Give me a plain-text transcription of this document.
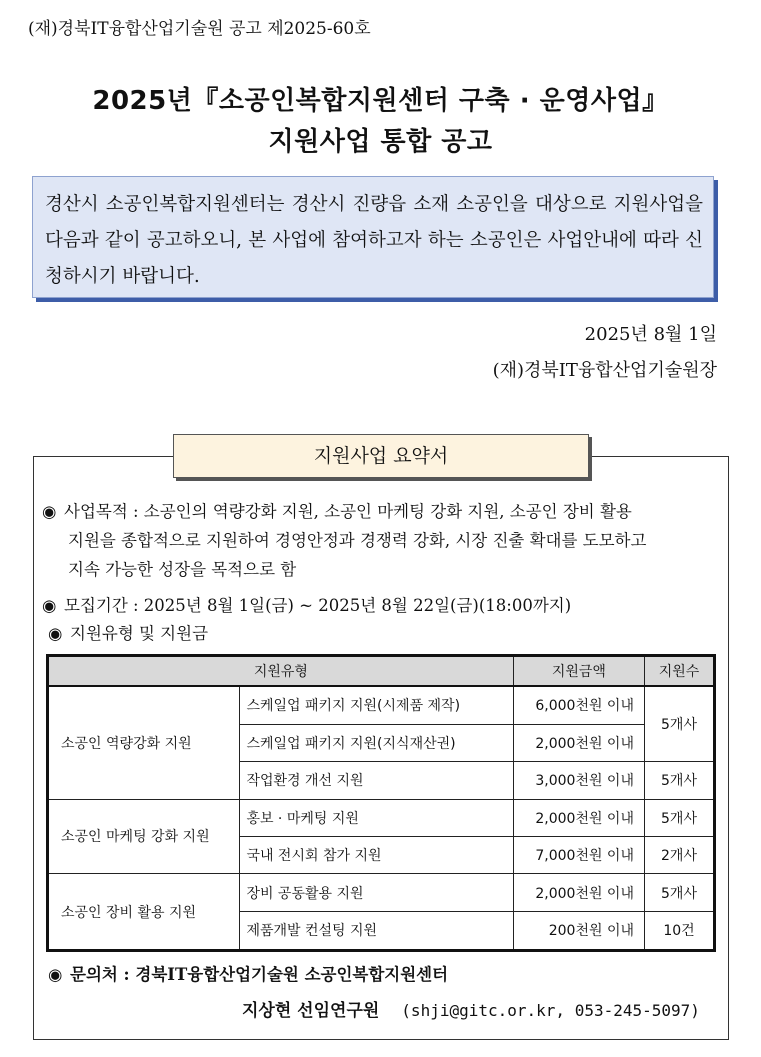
(재)경북IT융합산업기술원 공고 제2025-60호
2025년『소공인복합지원센터 구축 · 운영사업』
지원사업 통합 공고
경산시 소공인복합지원센터는 경산시 진량읍 소재 소공인을 대상으로 지원사업을 다음과 같이 공고하오니, 본 사업에 참여하고자 하는 소공인은 사업안내에 따라 신청하시기 바랍니다.
2025년 8월 1일
(재)경북IT융합산업기술원장
지원사업 요약서
◉ 사업목적 : 소공인의 역량강화 지원, 소공인 마케팅 강화 지원, 소공인 장비 활용
지원을 종합적으로 지원하여 경영안정과 경쟁력 강화, 시장 진출 확대를 도모하고
지속 가능한 성장을 목적으로 함
◉ 모집기간 : 2025년 8월 1일(금) ~ 2025년 8월 22일(금)(18:00까지)
◉ 지원유형 및 지원금
지원유형		지원금액	지원수
소공인 역량강화 지원	스케일업 패키지 지원(시제품 제작)	6,000천원 이내	5개사
	스케일업 패키지 지원(지식재산권)	2,000천원 이내	
	작업환경 개선 지원	3,000천원 이내	5개사
소공인 마케팅 강화 지원	홍보 · 마케팅 지원	2,000천원 이내	5개사
	국내 전시회 참가 지원	7,000천원 이내	2개사
소공인 장비 활용 지원	장비 공동활용 지원	2,000천원 이내	5개사
	제품개발 컨설팅 지원	200천원 이내	10건
◉ 문의처 : 경북IT융합산업기술원 소공인복합지원센터
지상현 선임연구원 (shji@gitc.or.kr, 053-245-5097)
